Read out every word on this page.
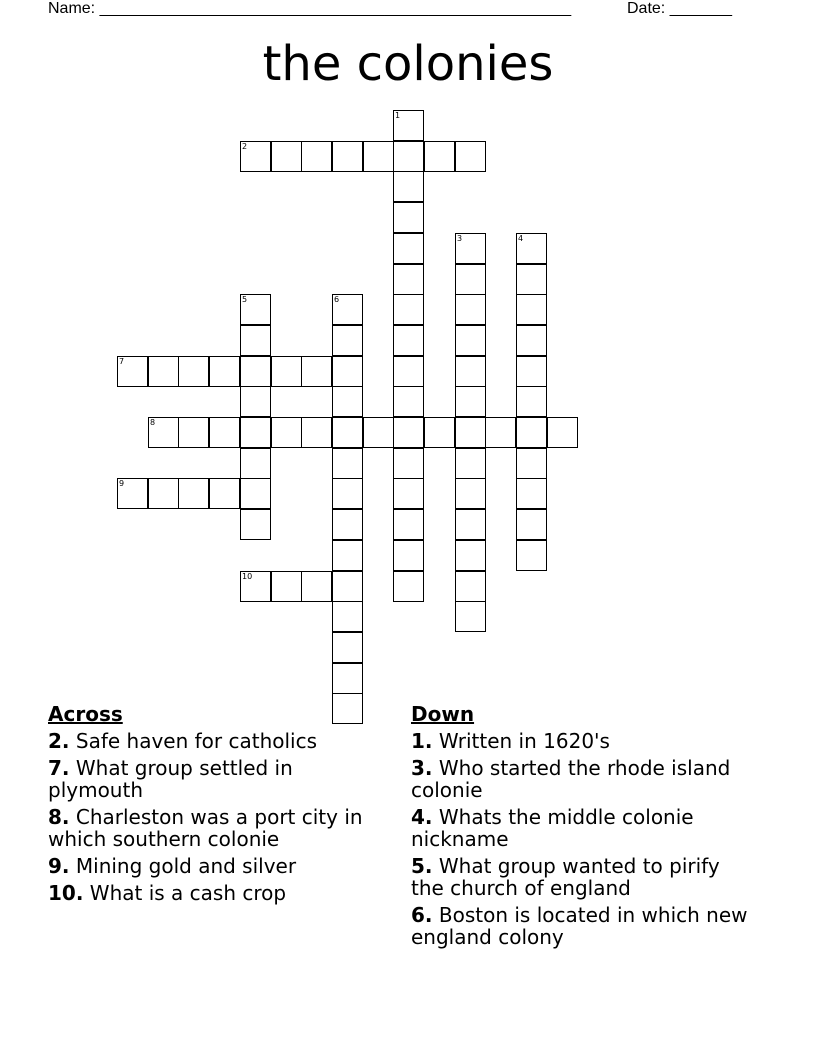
Name: _____________________________________________________	Date: _______
the colonies
1
2
3	4
5	6
7
8
9
10
Across
2. Safe haven for catholics
7. What group settled in plymouth
8. Charleston was a port city in which southern colonie
9. Mining gold and silver
10. What is a cash crop
Down
1. Written in 1620's
3. Who started the rhode island colonie
4. Whats the middle colonie nickname
5. What group wanted to pirify the church of england
6. Boston is located in which new england colony
